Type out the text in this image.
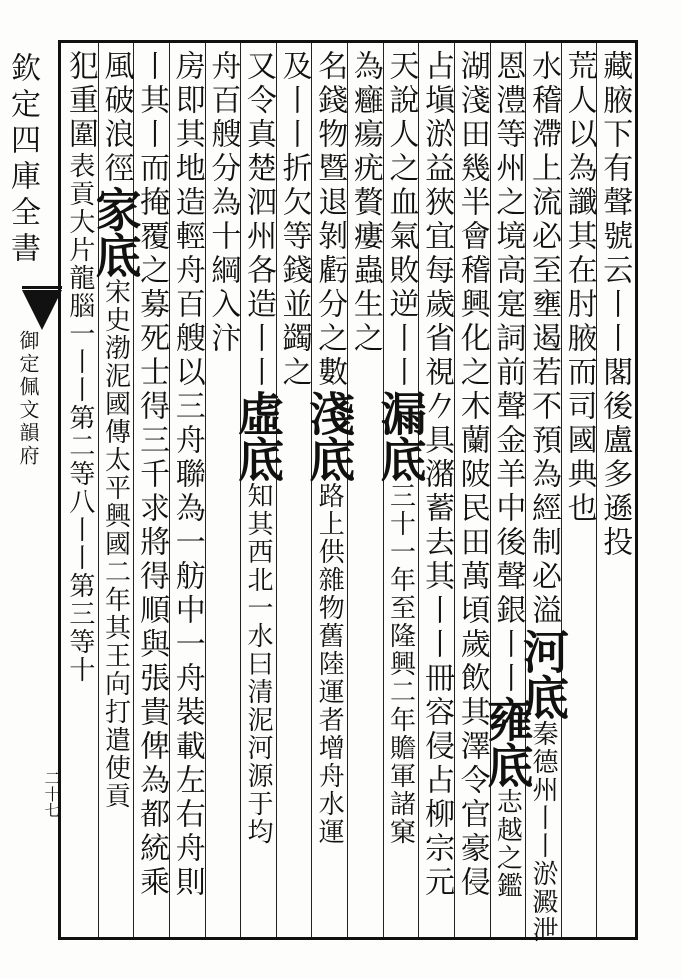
欽定四庫全書
御定佩文韻府
二十七
藏腋下有聲號云丨丨閣後盧多遜投
荒人以為讖其在肘腋而司國典也
水稽滯上流必至壅遏若不預為經制必溢河底秦德州丨丨淤澱泄
恩澧等州之境高寔詞前聲金羊中後聲銀丨丨雍底志越之鑑
湖淺田幾半會稽興化之木蘭陂民田萬頃歲飲其澤令官豪侵
占塡淤益狹宜每歲省視𠂊具潴蓄去其丨丨冊容侵占柳宗元
天說人之血氣敗逆丨丨漏底三十一年至隆興二年贍軍諸窠
為癰瘍疣贅瘻蟲生之
名錢物暨退剝虧分之數淺底路上供雜物舊陸運者增舟水運
及丨丨折欠等錢並蠲之
又令真楚泗州各造丨丨虛底知其西北一水曰清泥河源于均
舟百艘分為十綱入汴
房即其地造輕舟百艘以三舟聯為一舫中一舟裝載左右舟則
丨其丨而掩覆之募死士得三千求將得順與張貴俾為都統乘
風破浪徑家底宋史渤泥國傳太平興國二年其王向打遣使貢
犯重圍表貢大片龍腦一丨丨第二等八丨丨第三等十
